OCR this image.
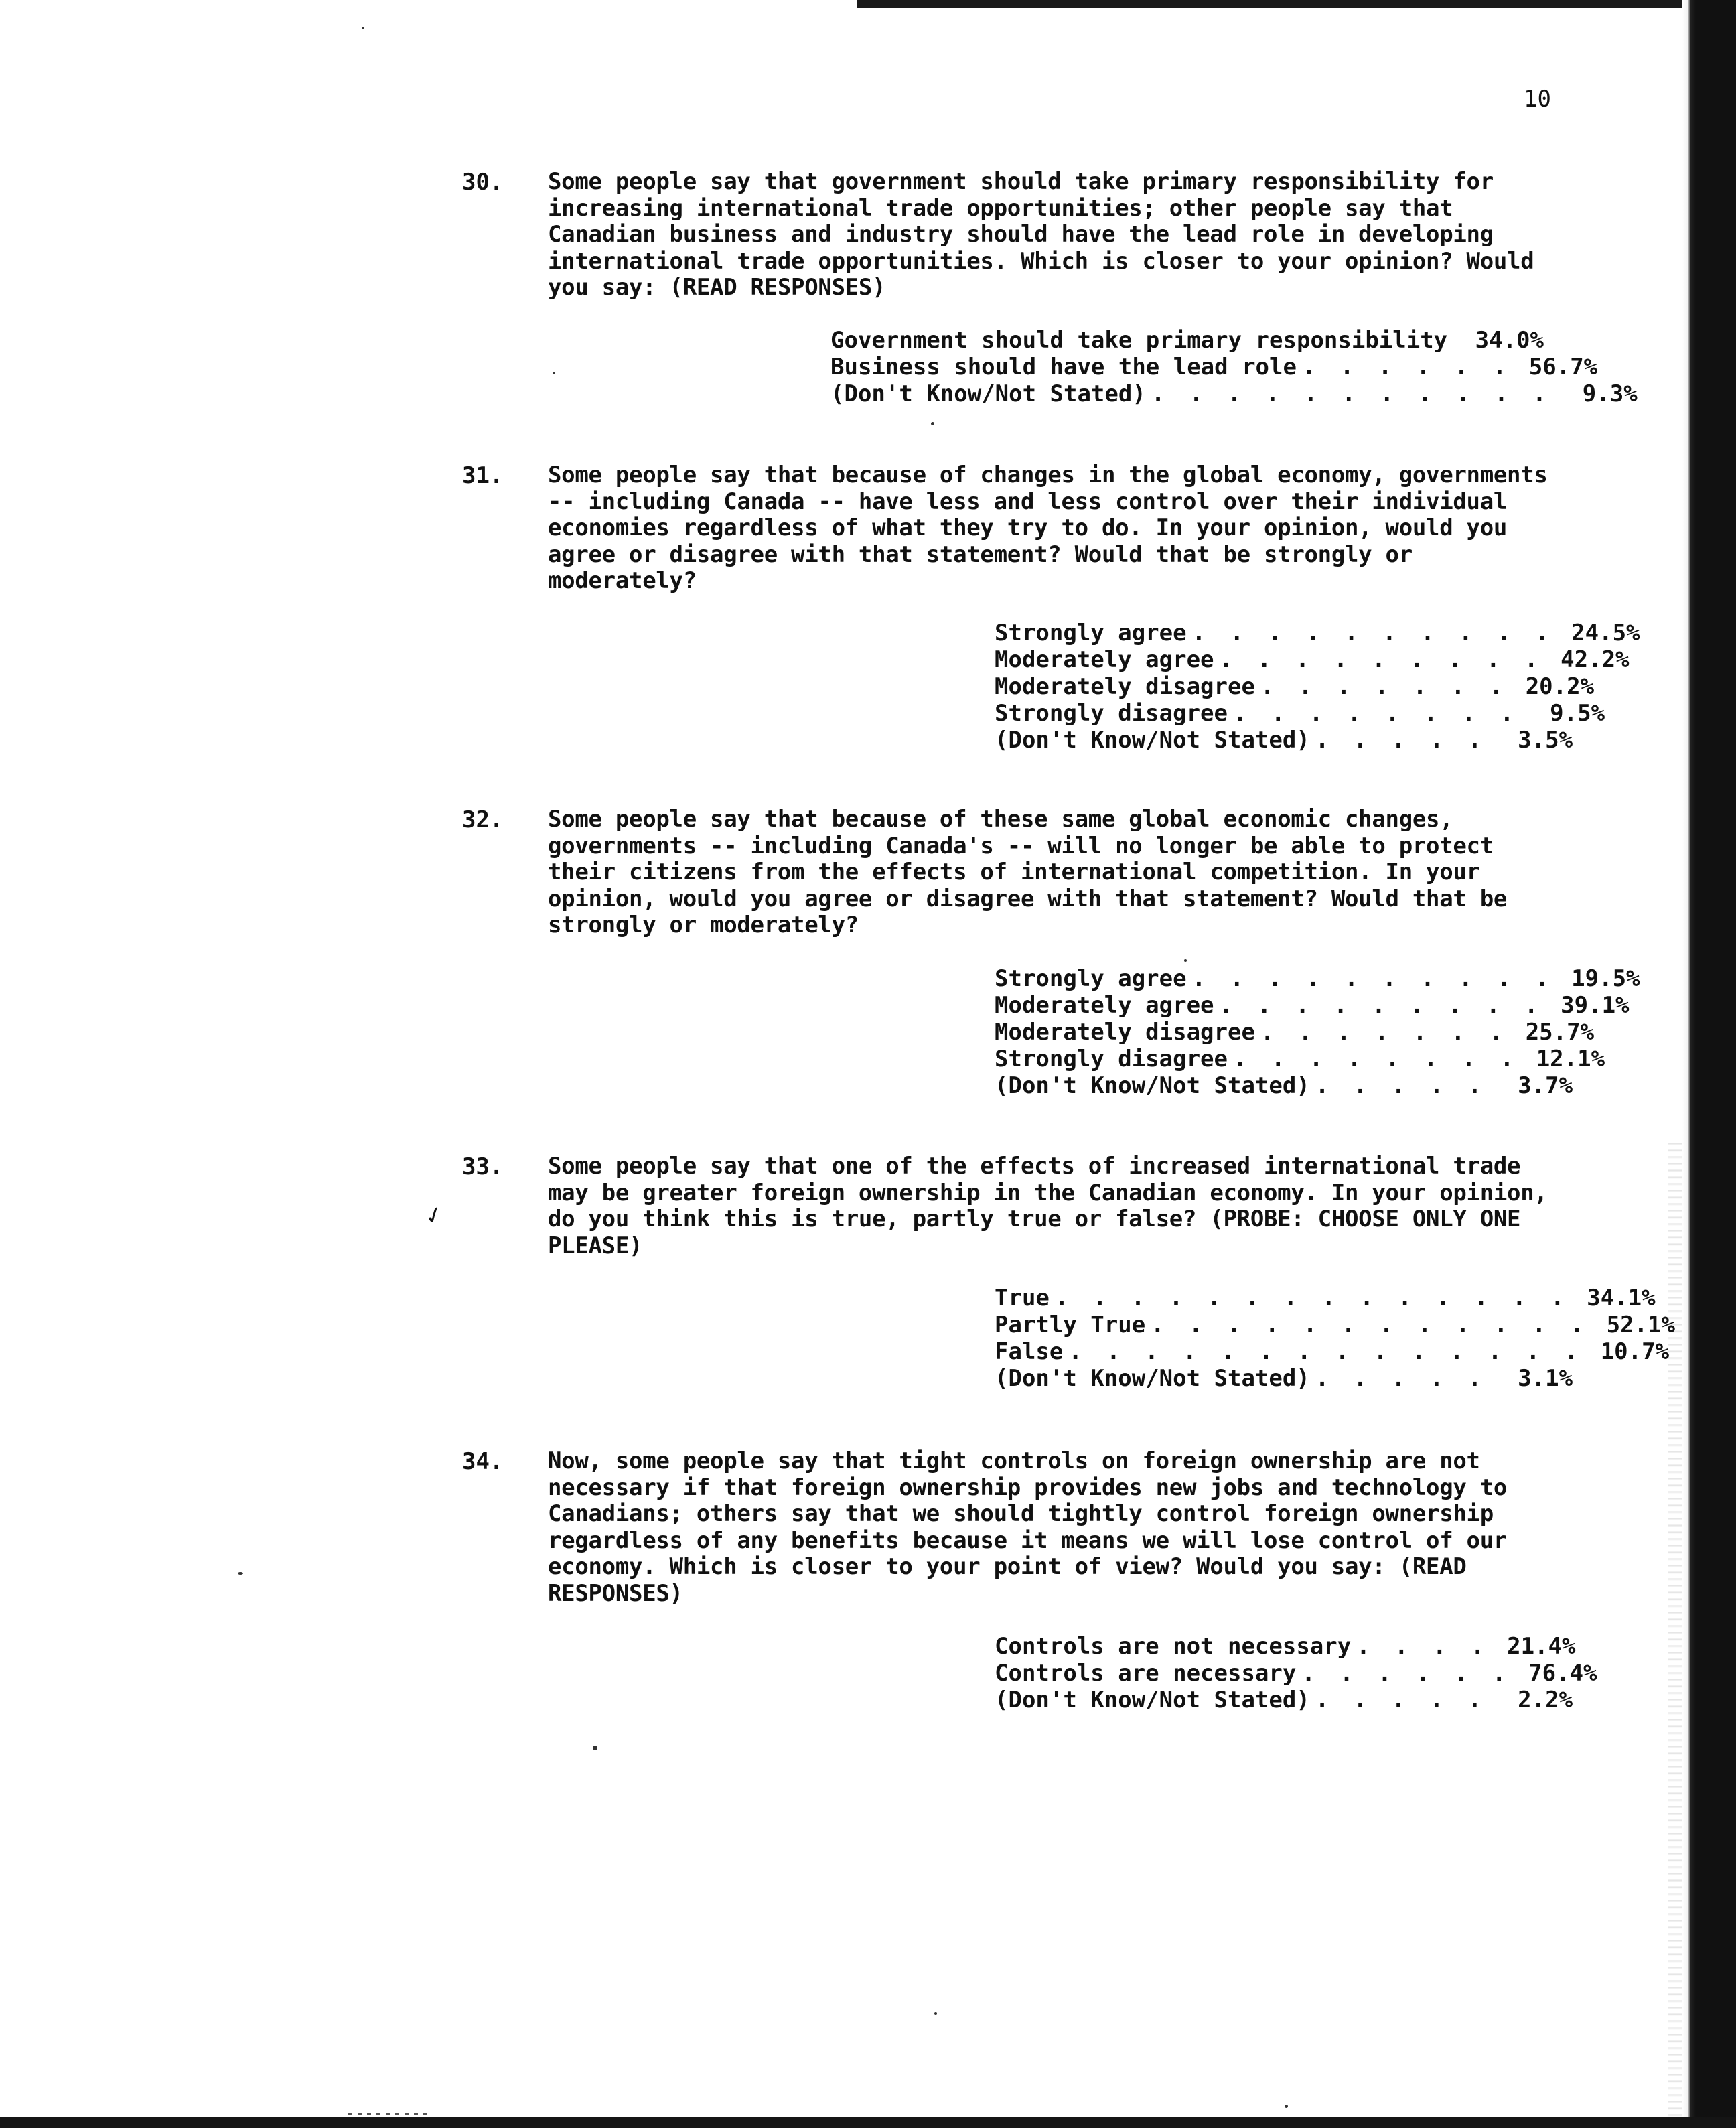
10
30. Some people say that government should take primary responsibility for
increasing international trade opportunities; other people say that
Canadian business and industry should have the lead role in developing
international trade opportunities. Which is closer to your opinion? Would
you say: (READ RESPONSES)
Government should take primary responsibility	34.0%
Business should have the lead role . . . . . . 56.7%
(Don't Know/Not Stated) . . . . . . . . . . .	9.3%
31. Some people say that because of changes in the global economy, governments
-- including Canada -- have less and less control over their individual
economies regardless of what they try to do. In your opinion, would you
agree or disagree with that statement? Would that be strongly or
moderately?
Strongly agree . . . . . . . . . . 24.5%
Moderately agree . . . . . . . . . 42.2%
Moderately disagree . . . . . . . 20.2%
Strongly disagree . . . . . . . .	9.5%
(Don't Know/Not Stated) . . . . .	3.5%
32. Some people say that because of these same global economic changes,
governments -- including Canada's -- will no longer be able to protect
their citizens from the effects of international competition. In your
opinion, would you agree or disagree with that statement? Would that be
strongly or moderately?
Strongly agree . . . . . . . . . . 19.5%
Moderately agree . . . . . . . . . 39.1%
Moderately disagree . . . . . . . 25.7%
Strongly disagree . . . . . . . . 12.1%
(Don't Know/Not Stated) . . . . .	3.7%
33. Some people say that one of the effects of increased international trade
may be greater foreign ownership in the Canadian economy. In your opinion,
do you think this is true, partly true or false? (PROBE: CHOOSE ONLY ONE
PLEASE)
✓
True . . . . . . . . . . . . . . 34.1%
Partly True . . . . . . . . . . . . 52.1%
False . . . . . . . . . . . . . . 10.7%
(Don't Know/Not Stated) . . . . .	3.1%
34. Now, some people say that tight controls on foreign ownership are not
necessary if that foreign ownership provides new jobs and technology to
Canadians; others say that we should tightly control foreign ownership
regardless of any benefits because it means we will lose control of our
economy. Which is closer to your point of view? Would you say: (READ
RESPONSES)
Controls are not necessary . . . . 21.4%
Controls are necessary . . . . . . 76.4%
(Don't Know/Not Stated) . . . . .	2.2%
